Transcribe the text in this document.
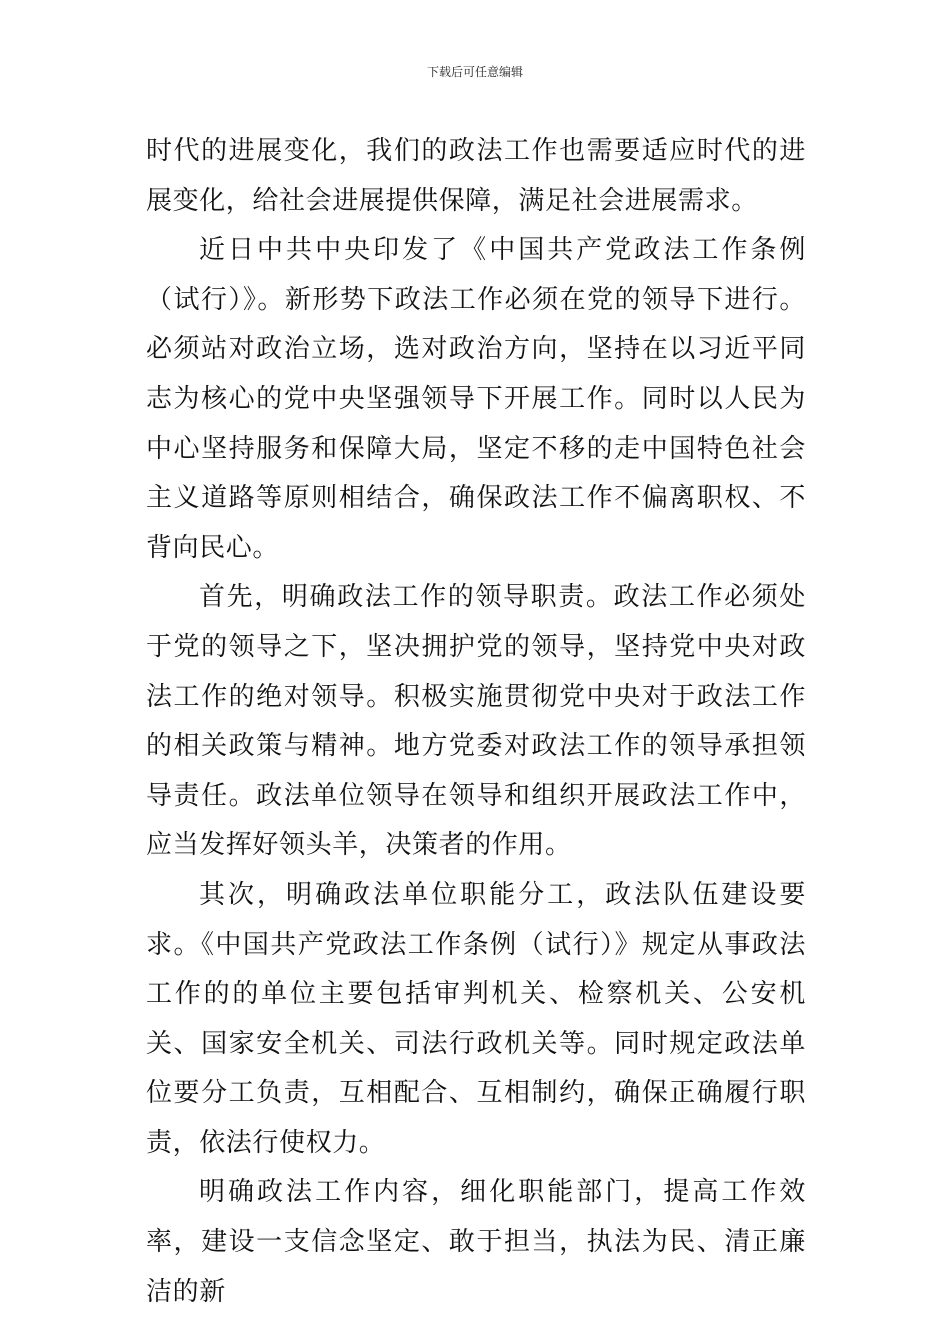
下载后可任意编辑

时代的进展变化，我们的政法工作也需要适应时代的进展变化，给社会进展提供保障，满足社会进展需求。

近日中共中央印发了《中国共产党政法工作条例（试行）》。新形势下政法工作必须在党的领导下进行。必须站对政治立场，选对政治方向，坚持在以习近平同志为核心的党中央坚强领导下开展工作。同时以人民为中心坚持服务和保障大局，坚定不移的走中国特色社会主义道路等原则相结合，确保政法工作不偏离职权、不背向民心。

首先，明确政法工作的领导职责。政法工作必须处于党的领导之下，坚决拥护党的领导，坚持党中央对政法工作的绝对领导。积极实施贯彻党中央对于政法工作的相关政策与精神。地方党委对政法工作的领导承担领导责任。政法单位领导在领导和组织开展政法工作中，应当发挥好领头羊，决策者的作用。

其次，明确政法单位职能分工，政法队伍建设要求。《中国共产党政法工作条例（试行）》规定从事政法工作的的单位主要包括审判机关、检察机关、公安机关、国家安全机关、司法行政机关等。同时规定政法单位要分工负责，互相配合、互相制约，确保正确履行职责，依法行使权力。

明确政法工作内容，细化职能部门，提高工作效率，建设一支信念坚定、敢于担当，执法为民、清正廉洁的新
